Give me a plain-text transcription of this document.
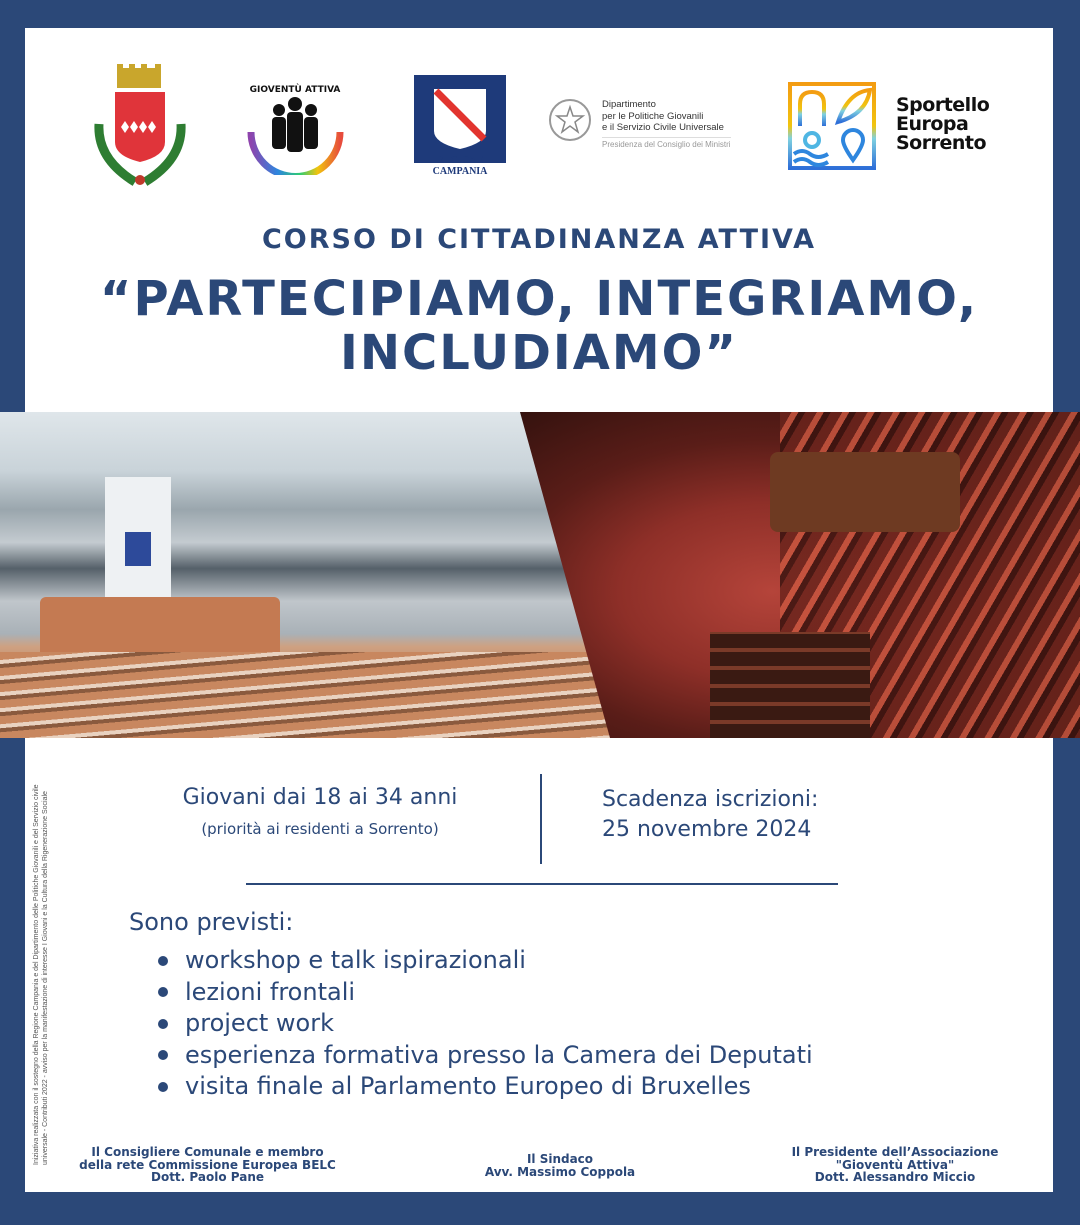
GIOVENTÙ ATTIVA
REGIONE CAMPANIA
Dipartimento
per le Politiche Giovanili
e il Servizio Civile Universale
Presidenza del Consiglio dei Ministri
Sportello
Europa
Sorrento
CORSO DI CITTADINANZA ATTIVA
“PARTECIPIAMO, INTEGRIAMO,
INCLUDIAMO”
Giovani dai 18 ai 34 anni
(priorità ai residenti a Sorrento)
Scadenza iscrizioni:
25 novembre 2024
Sono previsti:
workshop e talk ispirazionali
lezioni frontali
project work
esperienza formativa presso la Camera dei Deputati
visita finale al Parlamento Europeo di Bruxelles
Iniziativa realizzata con il sostegno della Regione Campania e del Dipartimento delle Politiche Giovanili e del Servizio civile universale - Contributi 2022 - avviso per la manifestazione di interesse I Giovani e la Cultura della Rigenerazione Sociale	Il Consigliere Comunale e membro
della rete Commissione Europea BELC
Dott. Paolo Pane
Il Sindaco
Avv. Massimo Coppola
Il Presidente dell’Associazione
"Gioventù Attiva"
Dott. Alessandro Miccio
